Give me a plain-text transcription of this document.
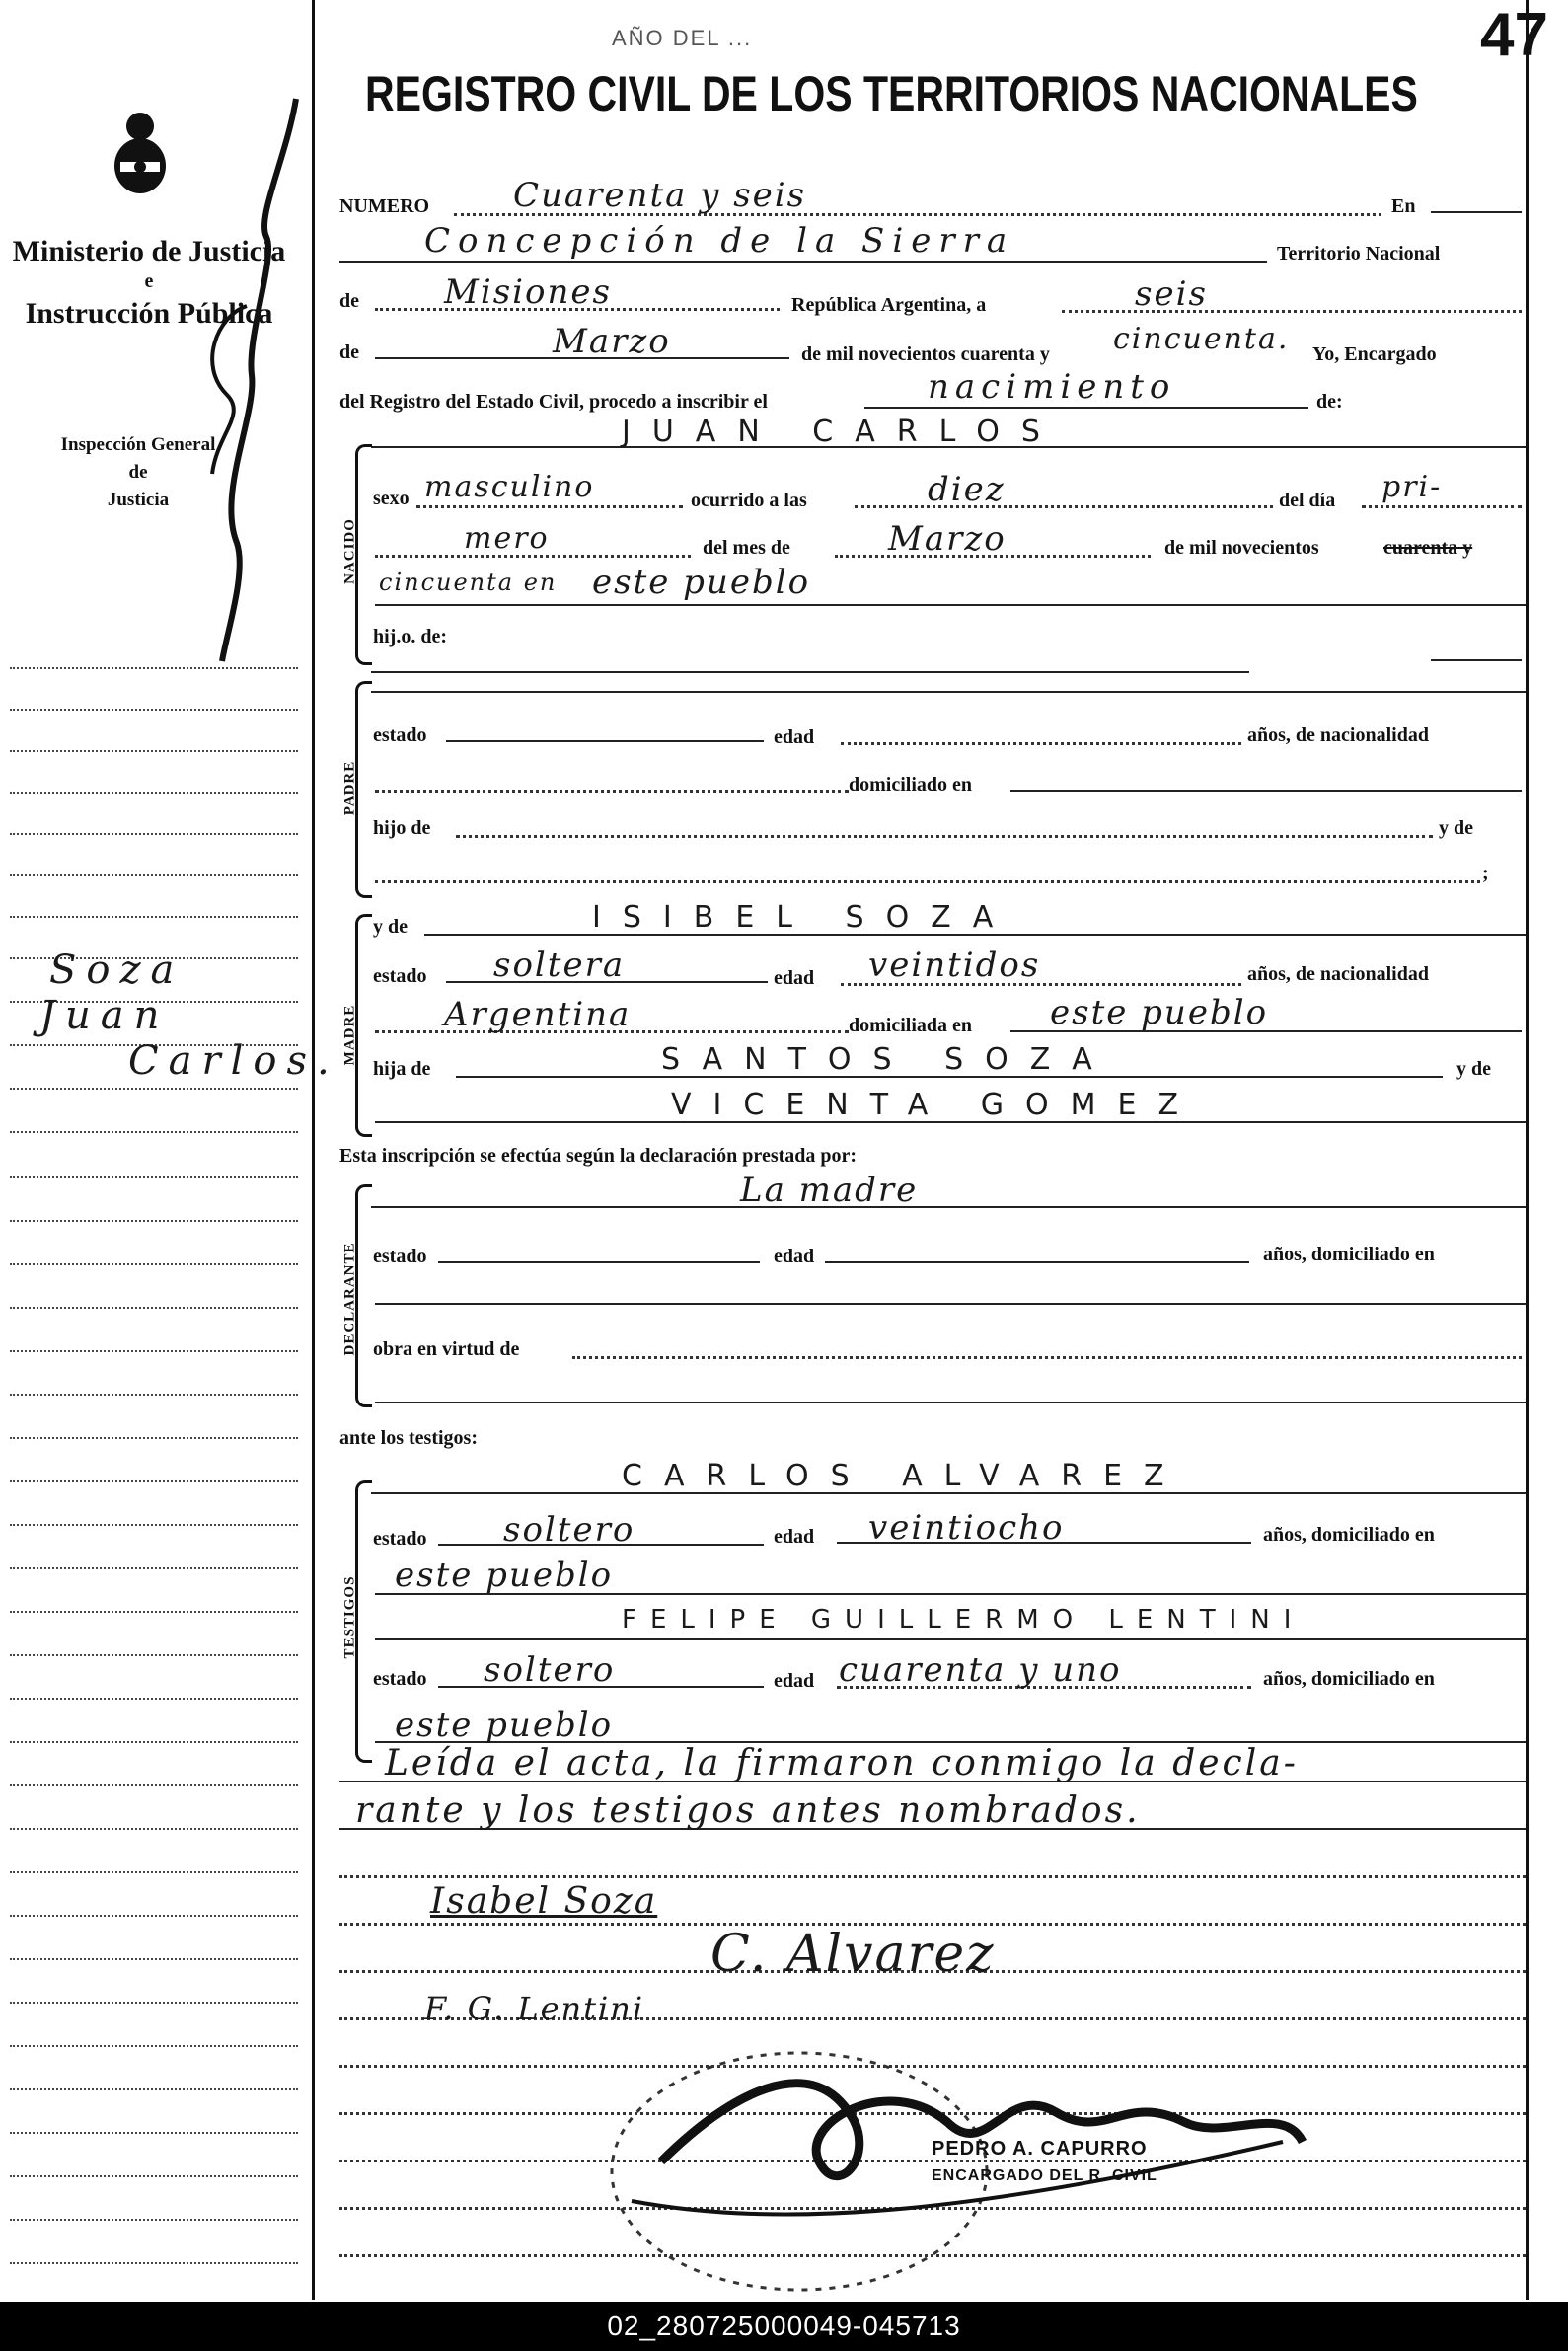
Ministerio de Justicia
e
Instrucción Pública
Inspección General
de
Justicia
Soza
Juan
Carlos.
AÑO DEL ...	47
REGISTRO CIVIL DE LOS TERRITORIOS NACIONALES
NUMERO Cuarenta y seis	En
Concepción de la Sierra	Territorio Nacional
de	Misiones	República Argentina, a	seis
de	Marzo	de mil novecientos cuarenta y cincuenta. Yo, Encargado
del Registro del Estado Civil, procedo a inscribir el	nacimiento	de:
NACIDO
JUAN CARLOS
sexo masculino	ocurrido a las	diez	del día pri-
mero	del mes de	Marzo	de mil novecientos	cuarenta y
cincuenta en este pueblo
hij.o. de:
PADRE
estado	edad	años, de nacionalidad
domiciliado en
hijo de	y de
;
MADRE
y de	ISIBEL SOZA
estado soltera	edad veintidos	años, de nacionalidad
Argentina	domiciliada en este pueblo
hija de	SANTOS SOZA	y de
VICENTA GOMEZ
Esta inscripción se efectúa según la declaración prestada por:
DECLARANTE
La madre
estado	edad	años, domiciliado en
obra en virtud de
ante los testigos:
TESTIGOS
CARLOS ALVAREZ
estado soltero	edad veintiocho	años, domiciliado en
este pueblo
FELIPE GUILLERMO LENTINI
estado soltero	edad cuarenta y uno	años, domiciliado en
este pueblo
Leída el acta, la firmaron conmigo la decla-
rante y los testigos antes nombrados.
Isabel Soza
C. Alvarez
F. G. Lentini
PEDRO A. CAPURRO
ENCARGADO DEL R. CIVIL
02_280725000049-045713
